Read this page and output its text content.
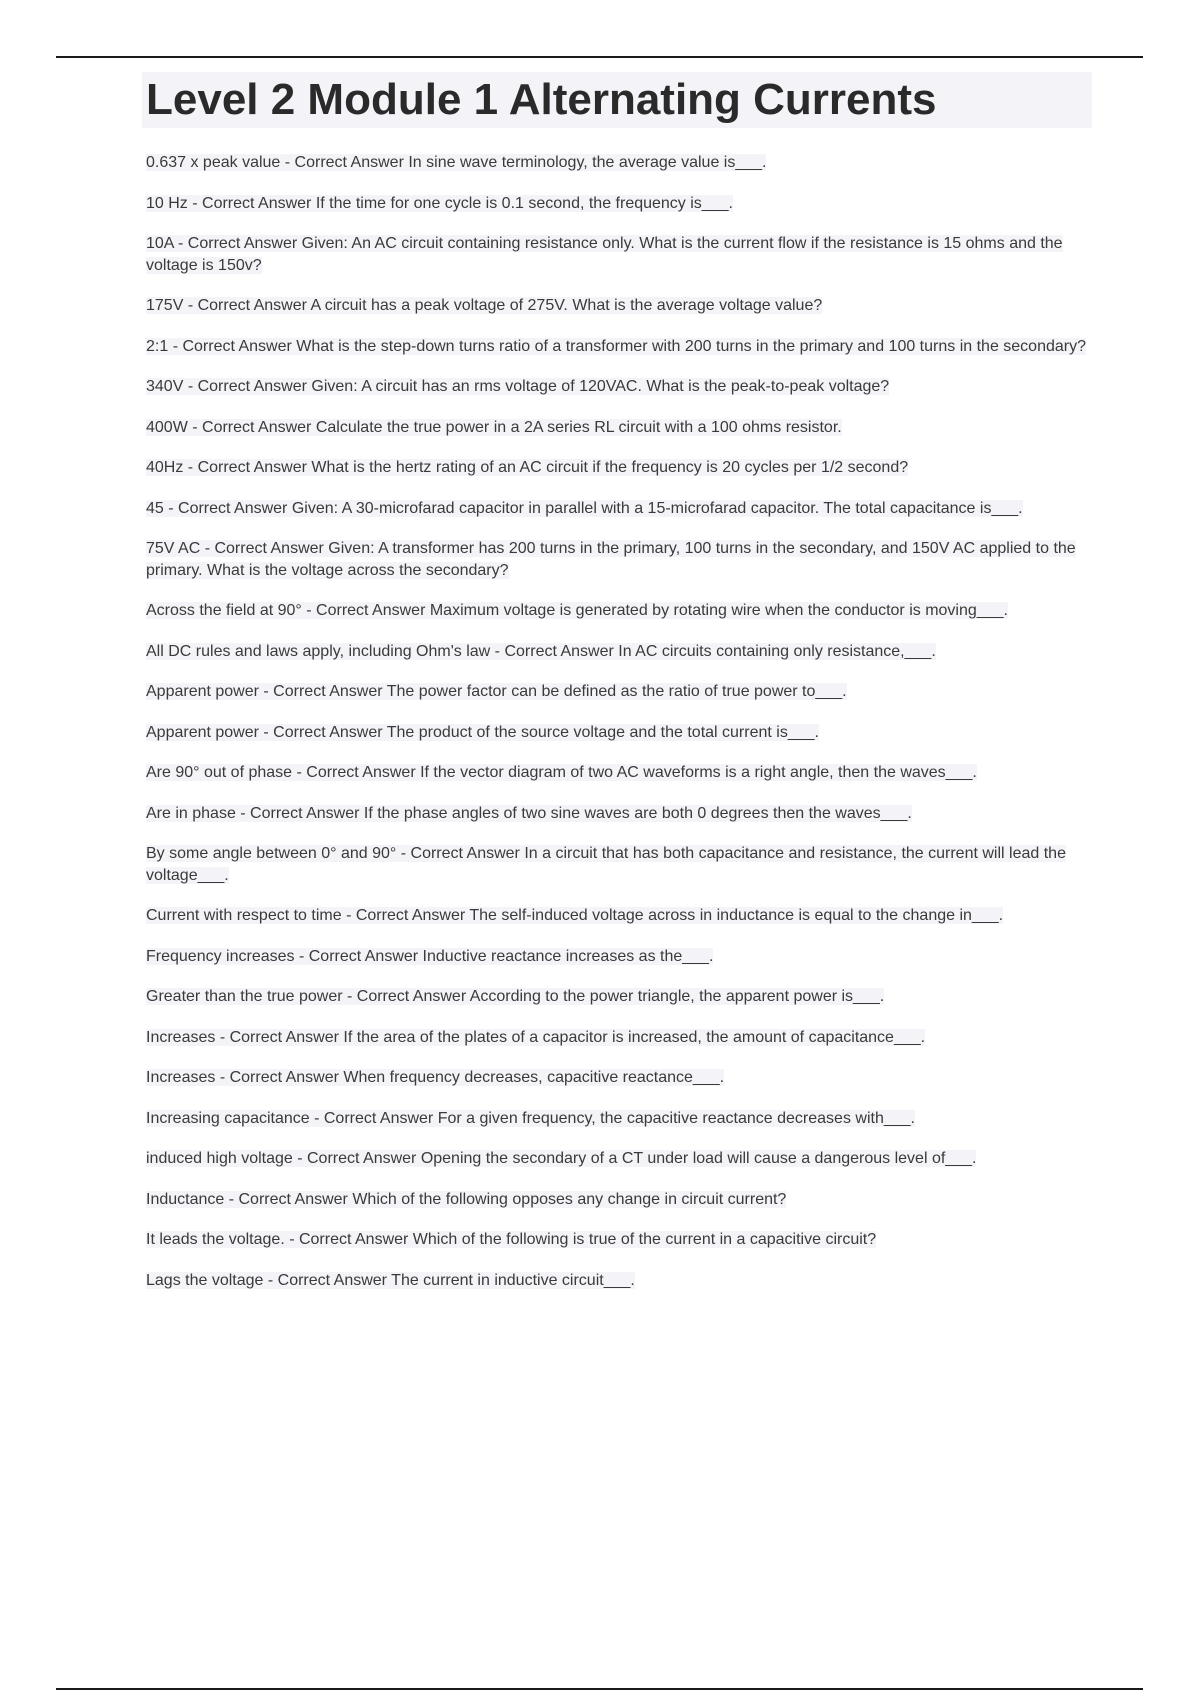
Level 2 Module 1 Alternating Currents
0.637 x peak value - Correct Answer In sine wave terminology, the average value is___.
10 Hz - Correct Answer If the time for one cycle is 0.1 second, the frequency is___.
10A - Correct Answer Given: An AC circuit containing resistance only. What is the current flow if the resistance is 15 ohms and the voltage is 150v?
175V - Correct Answer A circuit has a peak voltage of 275V. What is the average voltage value?
2:1 - Correct Answer What is the step-down turns ratio of a transformer with 200 turns in the primary and 100 turns in the secondary?
340V - Correct Answer Given: A circuit has an rms voltage of 120VAC. What is the peak-to-peak voltage?
400W - Correct Answer Calculate the true power in a 2A series RL circuit with a 100 ohms resistor.
40Hz - Correct Answer What is the hertz rating of an AC circuit if the frequency is 20 cycles per 1/2 second?
45 - Correct Answer Given: A 30-microfarad capacitor in parallel with a 15-microfarad capacitor. The total capacitance is___.
75V AC - Correct Answer Given: A transformer has 200 turns in the primary, 100 turns in the secondary, and 150V AC applied to the primary. What is the voltage across the secondary?
Across the field at 90° - Correct Answer Maximum voltage is generated by rotating wire when the conductor is moving___.
All DC rules and laws apply, including Ohm's law - Correct Answer In AC circuits containing only resistance,___.
Apparent power - Correct Answer The power factor can be defined as the ratio of true power to___.
Apparent power - Correct Answer The product of the source voltage and the total current is___.
Are 90° out of phase - Correct Answer If the vector diagram of two AC waveforms is a right angle, then the waves___.
Are in phase - Correct Answer If the phase angles of two sine waves are both 0 degrees then the waves___.
By some angle between 0° and 90° - Correct Answer In a circuit that has both capacitance and resistance, the current will lead the voltage___.
Current with respect to time - Correct Answer The self-induced voltage across in inductance is equal to the change in___.
Frequency increases - Correct Answer Inductive reactance increases as the___.
Greater than the true power - Correct Answer According to the power triangle, the apparent power is___.
Increases - Correct Answer If the area of the plates of a capacitor is increased, the amount of capacitance___.
Increases - Correct Answer When frequency decreases, capacitive reactance___.
Increasing capacitance - Correct Answer For a given frequency, the capacitive reactance decreases with___.
induced high voltage - Correct Answer Opening the secondary of a CT under load will cause a dangerous level of___.
Inductance - Correct Answer Which of the following opposes any change in circuit current?
It leads the voltage. - Correct Answer Which of the following is true of the current in a capacitive circuit?
Lags the voltage - Correct Answer The current in inductive circuit___.
